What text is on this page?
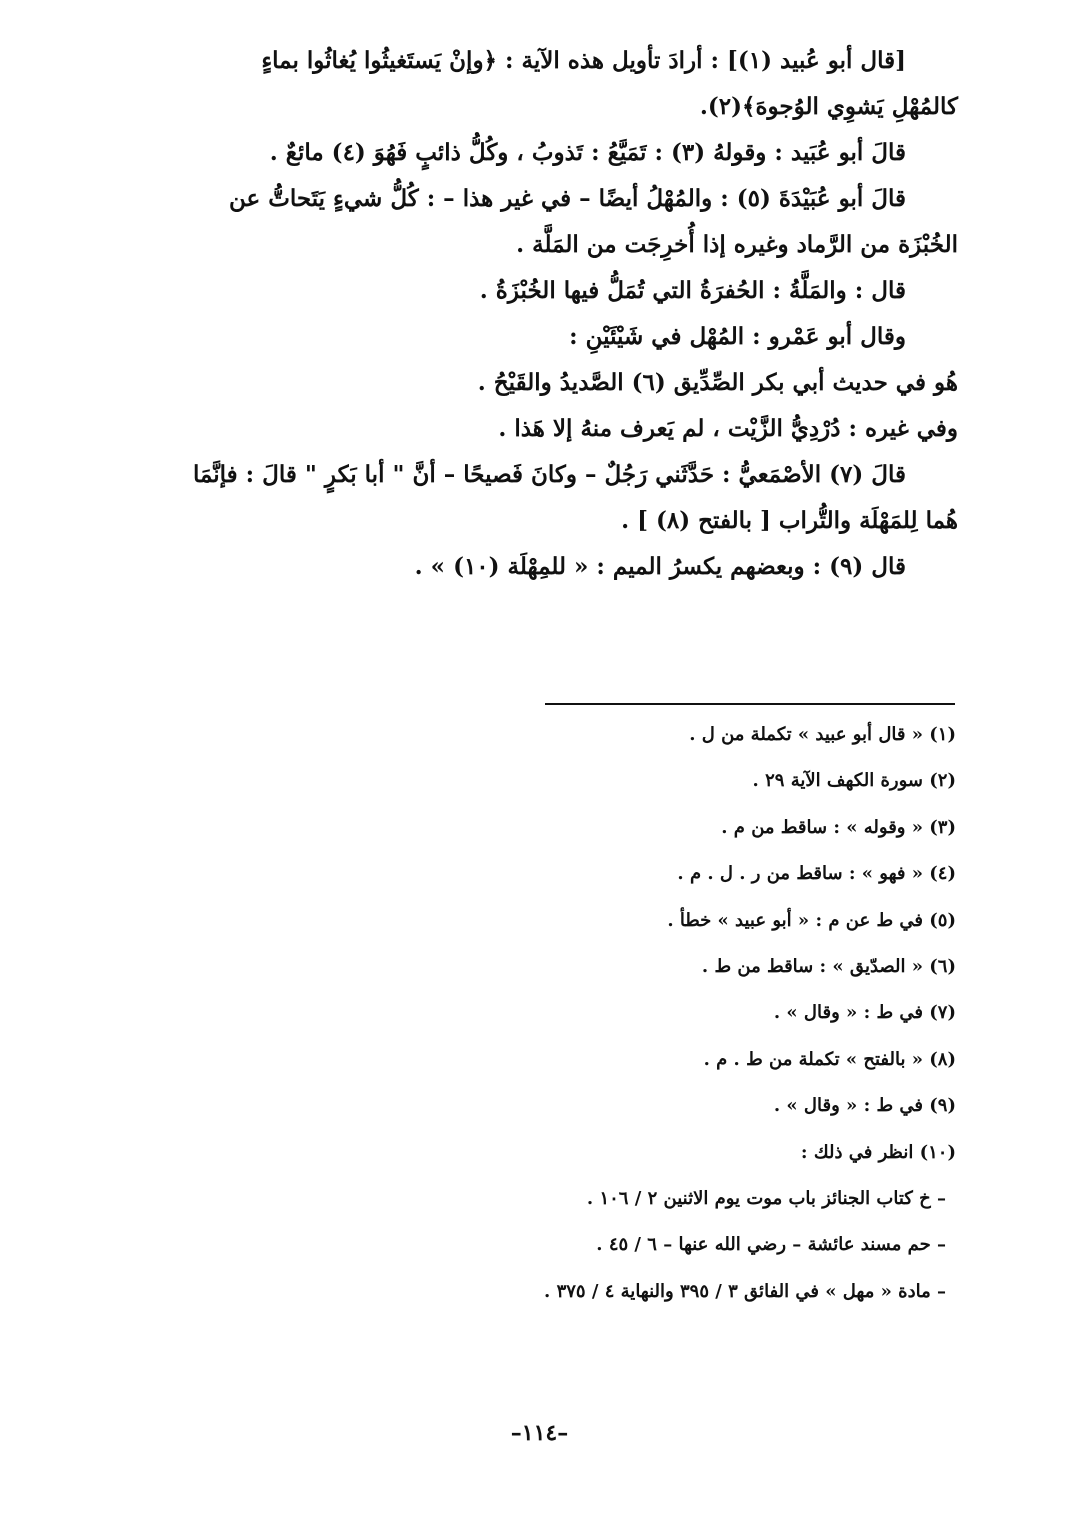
[قال أبو عُبيد (١)] : أرادَ تأويل هذه الآية : ﴿وإنْ يَستَغيثُوا يُغاثُوا بماءٍ

كالمُهْلِ يَشوِي الوُجوهَ﴾(٢).

قالَ أبو عُبَيد : وقولهُ (٣) : تَمَيَّعُ : تَذوبُ ، وكُلُّ ذائبٍ فَهُوَ (٤) مائعٌ .

قالَ أبو عُبَيْدَةَ (٥) : والمُهْلُ أيضًا – في غير هذا – : كُلُّ شيءٍ يَتَحاتُّ عن

الخُبْزَة من الرَّماد وغيره إذا أُخرِجَت من المَلَّة .

قال : والمَلَّةُ : الحُفرَةُ التي تُمَلُّ فيها الخُبْزَةُ .

وقال أبو عَمْرو : المُهْل في شَيْئَيْنِ :

هُو في حديث أبي بكر الصِّدِّيق (٦) الصَّديدُ والقَيْحُ .

وفي غيره : دُرْدِيُّ الزَّيْت ، لم يَعرف منهُ إلا هَذا .

قالَ (٧) الأصْمَعيُّ : حَدَّثَني رَجُلٌ – وكانَ فَصيحًا – أنَّ " أبا بَكرٍ " قالَ : فإنَّمَا

هُما لِلمَهْلَة والتُّراب [ بالفتح (٨) ] .

قال (٩) : وبعضهم يكسرُ الميم : « للمِهْلَة (١٠) » .

(١) « قال أبو عبيد » تكملة من ل .

(٢) سورة الكهف الآية ٢٩ .

(٣) « وقوله » : ساقط من م .

(٤) « فهو » : ساقط من ر . ل . م .

(٥) في ط عن م : « أبو عبيد » خطأ .

(٦) « الصدّيق » : ساقط من ط .

(٧) في ط : « وقال » .

(٨) « بالفتح » تكملة من ط . م .

(٩) في ط : « وقال » .

(١٠) انظر في ذلك :

– خ كتاب الجنائز باب موت يوم الاثنين ٢ / ١٠٦ .

– حم مسند عائشة – رضي الله عنها – ٦ / ٤٥ .

– مادة « مهل » في الفائق ٣ / ٣٩٥ والنهاية ٤ / ٣٧٥ .

–١١٤–
